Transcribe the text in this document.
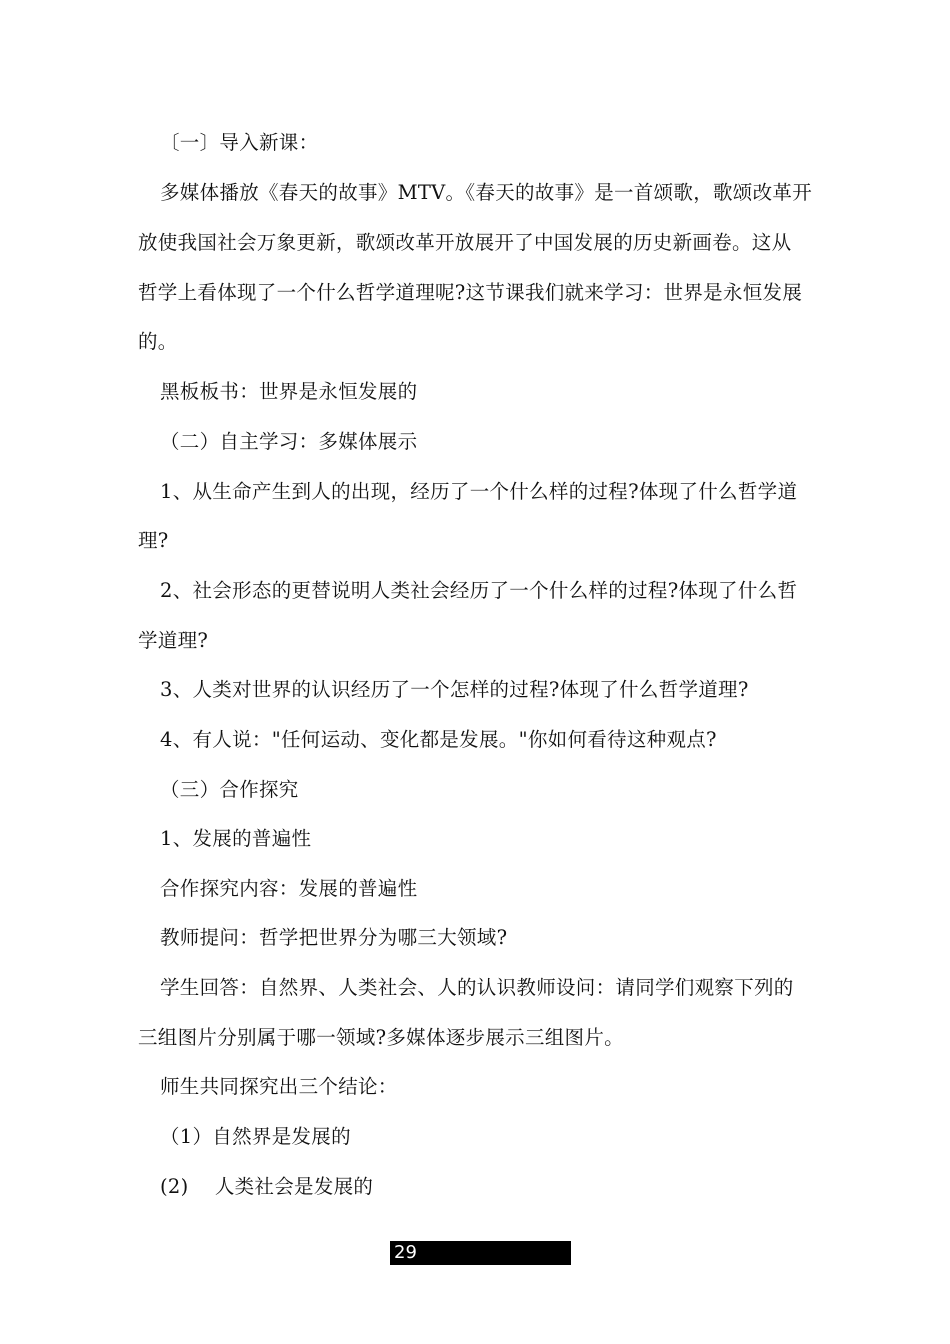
〔一〕导入新课：
多媒体播放《春天的故事》MTV。《春天的故事》是一首颂歌，歌颂改革开
放使我国社会万象更新，歌颂改革开放展开了中国发展的历史新画卷。这从
哲学上看体现了一个什么哲学道理呢?这节课我们就来学习：世界是永恒发展
的。
黑板板书：世界是永恒发展的
（二）自主学习：多媒体展示
1、从生命产生到人的出现，经历了一个什么样的过程?体现了什么哲学道
理?
2、社会形态的更替说明人类社会经历了一个什么样的过程?体现了什么哲
学道理?
3、人类对世界的认识经历了一个怎样的过程?体现了什么哲学道理?
4、有人说："任何运动、变化都是发展。"你如何看待这种观点?
（三）合作探究
1、发展的普遍性
合作探究内容：发展的普遍性
教师提问：哲学把世界分为哪三大领域?
学生回答：自然界、人类社会、人的认识教师设问：请同学们观察下列的
三组图片分别属于哪一领域?多媒体逐步展示三组图片。
师生共同探究出三个结论：
（1）自然界是发展的
(2)　 人类社会是发展的
29
